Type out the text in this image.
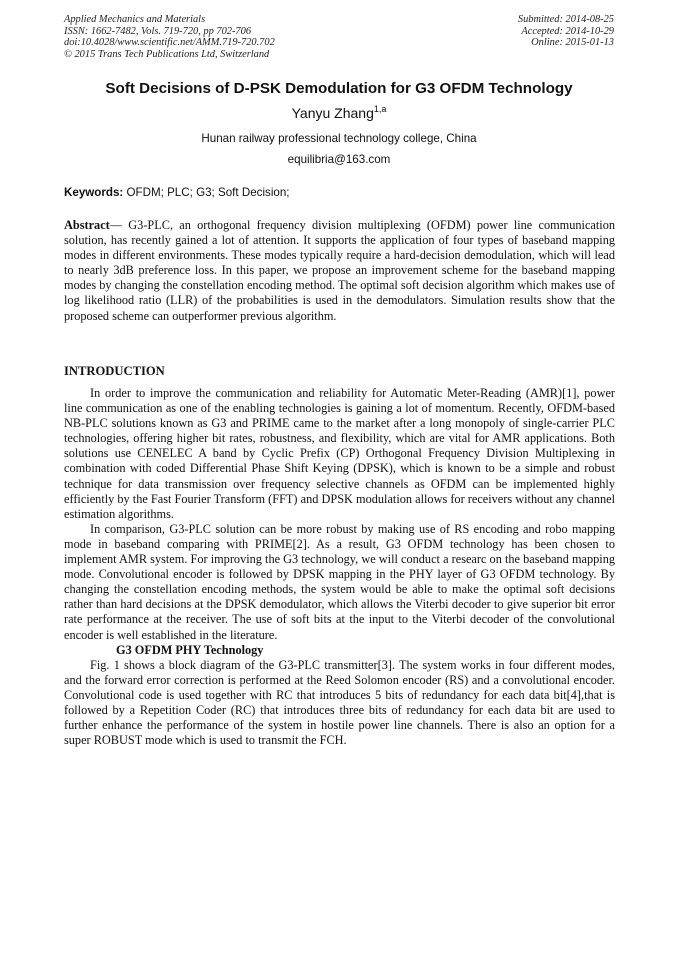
Applied Mechanics and Materials
ISSN: 1662-7482, Vols. 719-720, pp 702-706
doi:10.4028/www.scientific.net/AMM.719-720.702
© 2015 Trans Tech Publications Ltd, Switzerland
Submitted: 2014-08-25
Accepted: 2014-10-29
Online: 2015-01-13
Soft Decisions of D-PSK Demodulation for G3 OFDM Technology
Yanyu Zhang$^{1,a}$
Hunan railway professional technology college, China
equilibria@163.com
Keywords: OFDM; PLC; G3; Soft Decision;
Abstract— G3-PLC, an orthogonal frequency division multiplexing (OFDM) power line communication solution, has recently gained a lot of attention. It supports the application of four types of baseband mapping modes in different environments. These modes typically require a hard-decision demodulation, which will lead to nearly 3dB preference loss. In this paper, we propose an improvement scheme for the baseband mapping modes by changing the constellation encoding method. The optimal soft decision algorithm which makes use of log likelihood ratio (LLR) of the probabilities is used in the demodulators. Simulation results show that the proposed scheme can outperformer previous algorithm.
INTRODUCTION

In order to improve the communication and reliability for Automatic Meter-Reading (AMR)[1], power line communication as one of the enabling technologies is gaining a lot of momentum. Recently, OFDM-based NB-PLC solutions known as G3 and PRIME came to the market after a long monopoly of single-carrier PLC technologies, offering higher bit rates, robustness, and flexibility, which are vital for AMR applications. Both solutions use CENELEC A band by Cyclic Prefix (CP) Orthogonal Frequency Division Multiplexing in combination with coded Differential Phase Shift Keying (DPSK), which is known to be a simple and robust technique for data transmission over frequency selective channels as OFDM can be implemented highly efficiently by the Fast Fourier Transform (FFT) and DPSK modulation allows for receivers without any channel estimation algorithms.

In comparison, G3-PLC solution can be more robust by making use of RS encoding and robo mapping mode in baseband comparing with PRIME[2]. As a result, G3 OFDM technology has been chosen to implement AMR system. For improving the G3 technology, we will conduct a researc on the baseband mapping mode. Convolutional encoder is followed by DPSK mapping in the PHY layer of G3 OFDM technology. By changing the constellation encoding methods, the system would be able to make the optimal soft decisions rather than hard decisions at the DPSK demodulator, which allows the Viterbi decoder to give superior bit error rate performance at the receiver. The use of soft bits at the input to the Viterbi decoder of the convolutional encoder is well established in the literature.

G3 OFDM PHY Technology

Fig. 1 shows a block diagram of the G3-PLC transmitter[3]. The system works in four different modes, and the forward error correction is performed at the Reed Solomon encoder (RS) and a convolutional encoder. Convolutional code is used together with RC that introduces 5 bits of redundancy for each data bit[4],that is followed by a Repetition Coder (RC) that introduces three bits of redundancy for each data bit are used to further enhance the performance of the system in hostile power line channels. There is also an option for a super ROBUST mode which is used to transmit the FCH.
